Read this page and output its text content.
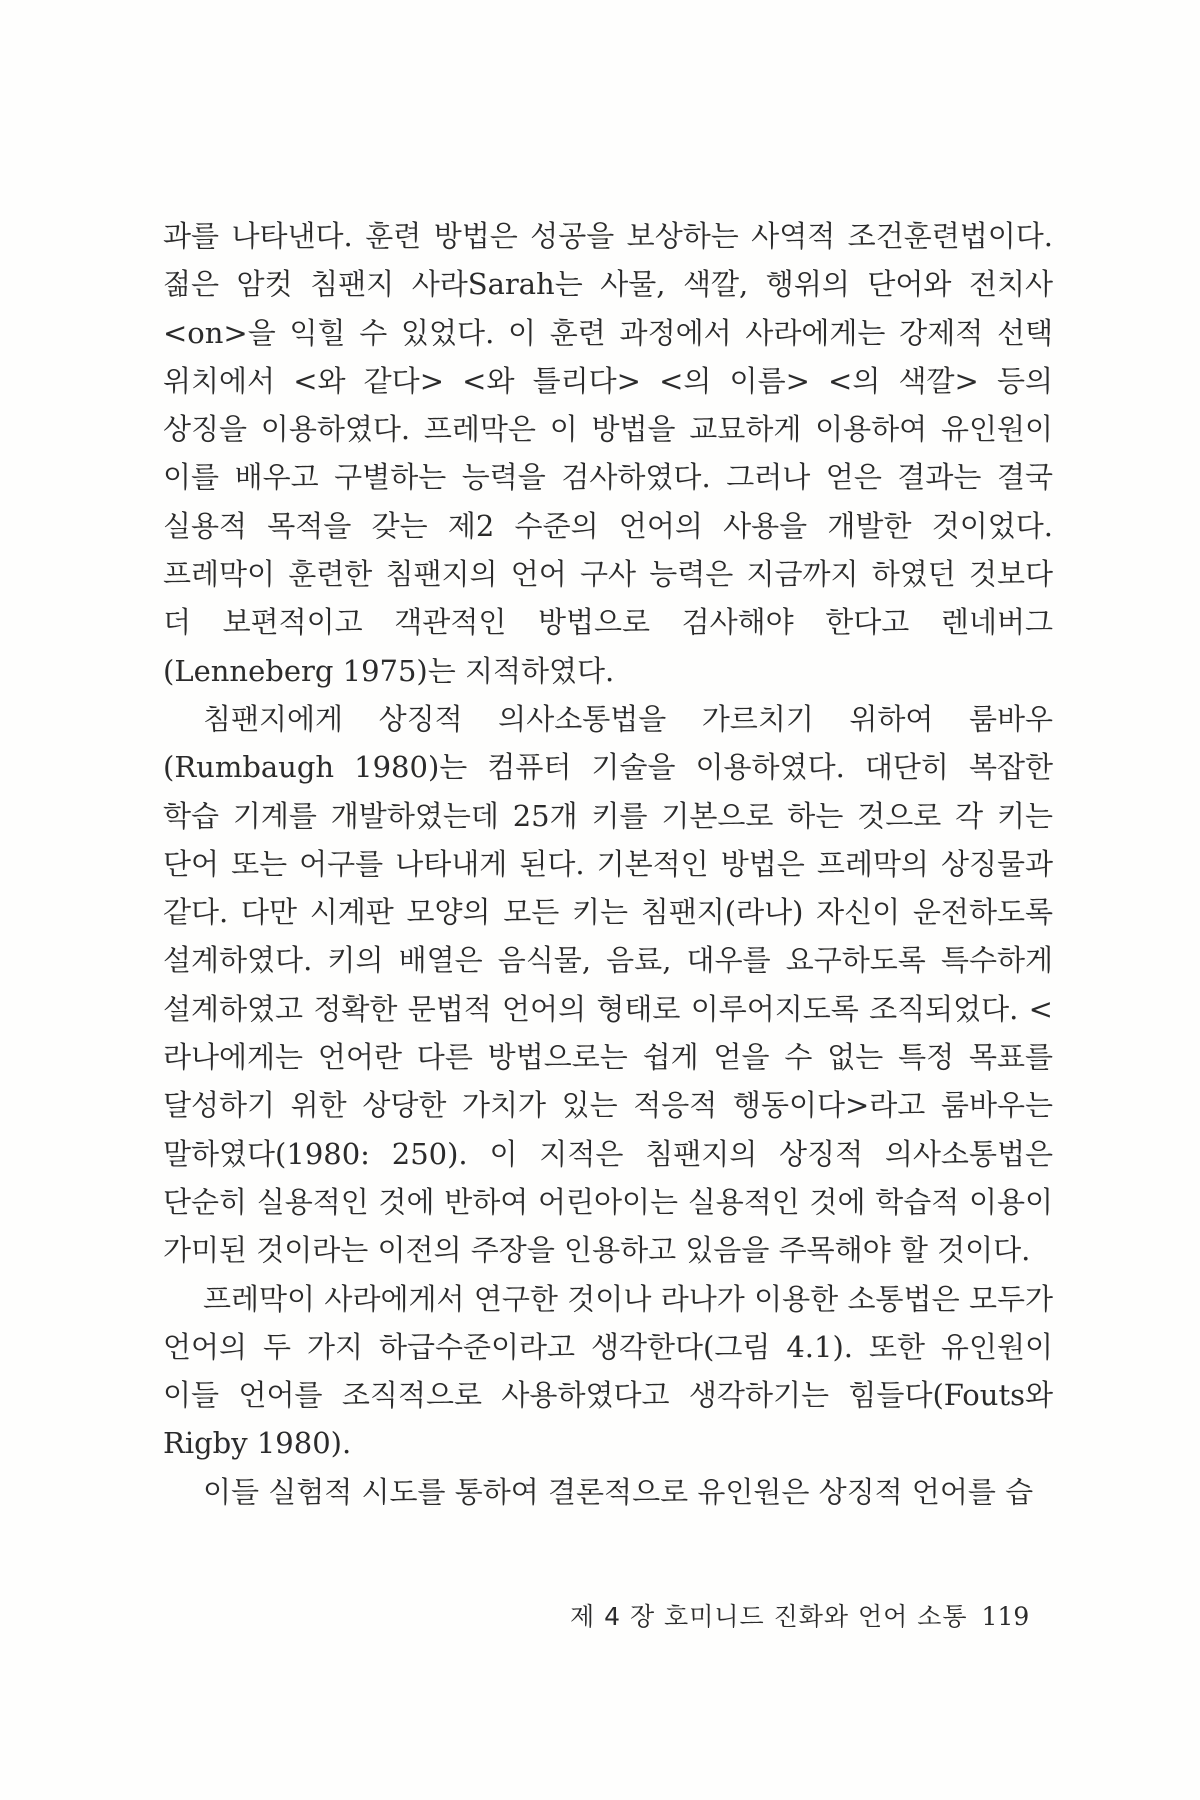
과를 나타낸다. 훈련 방법은 성공을 보상하는 사역적 조건훈련법이다. 젊은 암컷 침팬지 사라Sarah는 사물, 색깔, 행위의 단어와 전치사 <on>을 익힐 수 있었다. 이 훈련 과정에서 사라에게는 강제적 선택 위치에서 <와 같다> <와 틀리다> <의 이름> <의 색깔> 등의 상징을 이용하였다. 프레막은 이 방법을 교묘하게 이용하여 유인원이 이를 배우고 구별하는 능력을 검사하였다. 그러나 얻은 결과는 결국 실용적 목적을 갖는 제2 수준의 언어의 사용을 개발한 것이었다. 프레막이 훈련한 침팬지의 언어 구사 능력은 지금까지 하였던 것보다 더 보편적이고 객관적인 방법으로 검사해야 한다고 렌네버그(Lenneberg 1975)는 지적하였다.

침팬지에게 상징적 의사소통법을 가르치기 위하여 룸바우(Rumbaugh 1980)는 컴퓨터 기술을 이용하였다. 대단히 복잡한 학습 기계를 개발하였는데 25개 키를 기본으로 하는 것으로 각 키는 단어 또는 어구를 나타내게 된다. 기본적인 방법은 프레막의 상징물과 같다. 다만 시계판 모양의 모든 키는 침팬지(라나) 자신이 운전하도록 설계하였다. 키의 배열은 음식물, 음료, 대우를 요구하도록 특수하게 설계하였고 정확한 문법적 언어의 형태로 이루어지도록 조직되었다. <라나에게는 언어란 다른 방법으로는 쉽게 얻을 수 없는 특정 목표를 달성하기 위한 상당한 가치가 있는 적응적 행동이다>라고 룸바우는 말하였다(1980: 250). 이 지적은 침팬지의 상징적 의사소통법은 단순히 실용적인 것에 반하여 어린아이는 실용적인 것에 학습적 이용이 가미된 것이라는 이전의 주장을 인용하고 있음을 주목해야 할 것이다.

프레막이 사라에게서 연구한 것이나 라나가 이용한 소통법은 모두가 언어의 두 가지 하급수준이라고 생각한다(그림 4.1). 또한 유인원이 이들 언어를 조직적으로 사용하였다고 생각하기는 힘들다(Fouts와 Rigby 1980).

이들 실험적 시도를 통하여 결론적으로 유인원은 상징적 언어를 습

제 4 장 호미니드 진화와 언어 소통 119
